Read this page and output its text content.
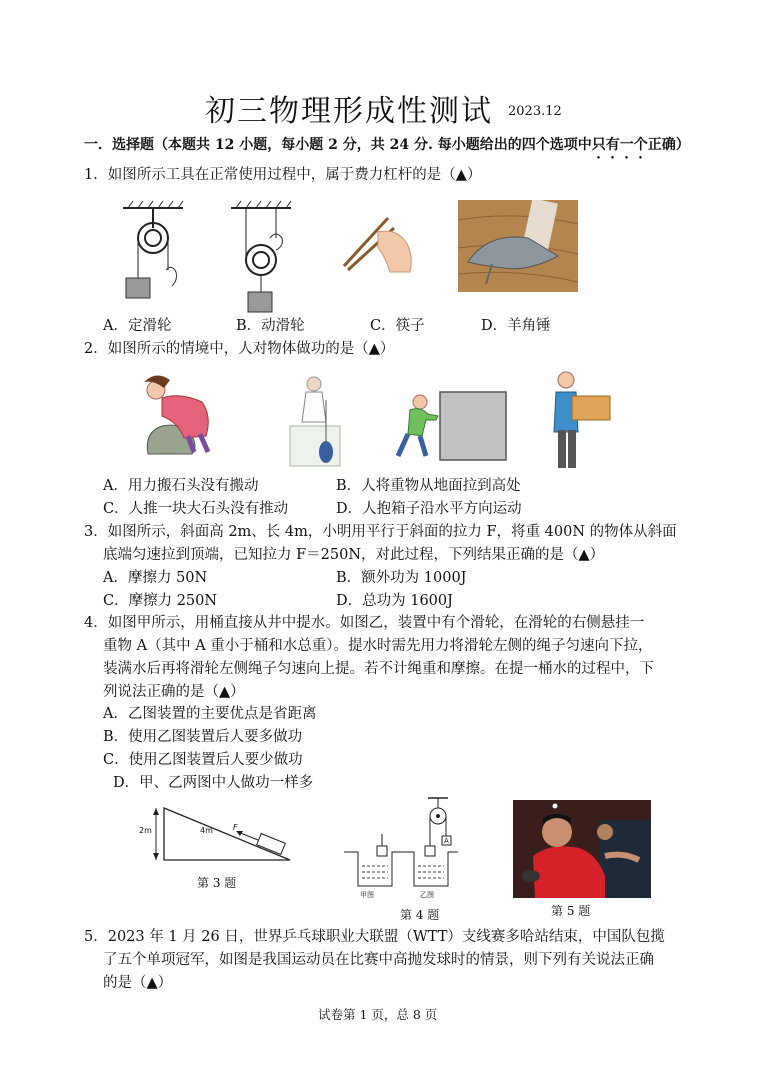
初三物理形成性测试 2023.12
一．选择题（本题共 12 小题，每小题 2 分，共 24 分. 每小题给出的四个选项中只有一个正确）
1．如图所示工具在正常使用过程中，属于费力杠杆的是（▲）
A．定滑轮	B．动滑轮	C．筷子	D．羊角锤
2．如图所示的情境中，人对物体做功的是（▲）
A．用力搬石头没有搬动	B．人将重物从地面拉到高处
C．人推一块大石头没有推动	D．人抱箱子沿水平方向运动
3．如图所示，斜面高 2m、长 4m，小明用平行于斜面的拉力 F，将重 400N 的物体从斜面
底端匀速拉到顶端，已知拉力 F＝250N，对此过程，下列结果正确的是（▲）
A．摩擦力 50N	B．额外功为 1000J
C．摩擦力 250N	D．总功为 1600J
4．如图甲所示，用桶直接从井中提水。如图乙，装置中有个滑轮，在滑轮的右侧悬挂一
重物 A（其中 A 重小于桶和水总重）。提水时需先用力将滑轮左侧的绳子匀速向下拉，
装满水后再将滑轮左侧绳子匀速向上提。若不计绳重和摩擦。在提一桶水的过程中，下
列说法正确的是（▲）
A．乙图装置的主要优点是省距离
B．使用乙图装置后人要多做功
C．使用乙图装置后人要少做功
D．甲、乙两图中人做功一样多
2m	4m	F
第 3 题
A
甲图	乙图
第 4 题	第 5 题
5．2023 年 1 月 26 日，世界乒乓球职业大联盟（WTT）支线赛多哈站结束，中国队包揽
了五个单项冠军，如图是我国运动员在比赛中高抛发球时的情景，则下列有关说法正确
的是（▲）
试卷第 1 页，总 8 页
